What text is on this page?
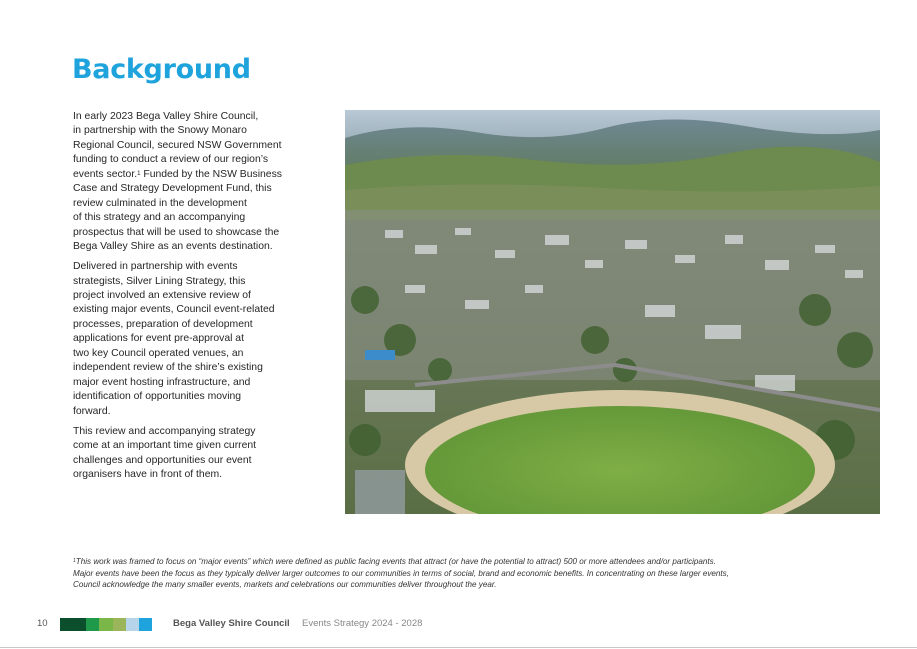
Background

In early 2023 Bega Valley Shire Council,
in partnership with the Snowy Monaro
Regional Council, secured NSW Government
funding to conduct a review of our region’s
events sector.$^1$ Funded by the NSW Business
Case and Strategy Development Fund, this
review culminated in the development
of this strategy and an accompanying
prospectus that will be used to showcase the
Bega Valley Shire as an events destination.

Delivered in partnership with events
strategists, Silver Lining Strategy, this
project involved an extensive review of
existing major events, Council event-related
processes, preparation of development
applications for event pre-approval at
two key Council operated venues, an
independent review of the shire’s existing
major event hosting infrastructure, and
identification of opportunities moving
forward.

This review and accompanying strategy
come at an important time given current
challenges and opportunities our event
organisers have in front of them.

$^1$This work was framed to focus on “major events” which were defined as public facing events that attract (or have the potential to attract) 500 or more attendees and/or participants.
Major events have been the focus as they typically deliver larger outcomes to our communities in terms of social, brand and economic benefits. In concentrating on these larger events,
Council acknowledge the many smaller events, markets and celebrations our communities deliver throughout the year.
10	Bega Valley Shire Council Events Strategy 2024 - 2028
